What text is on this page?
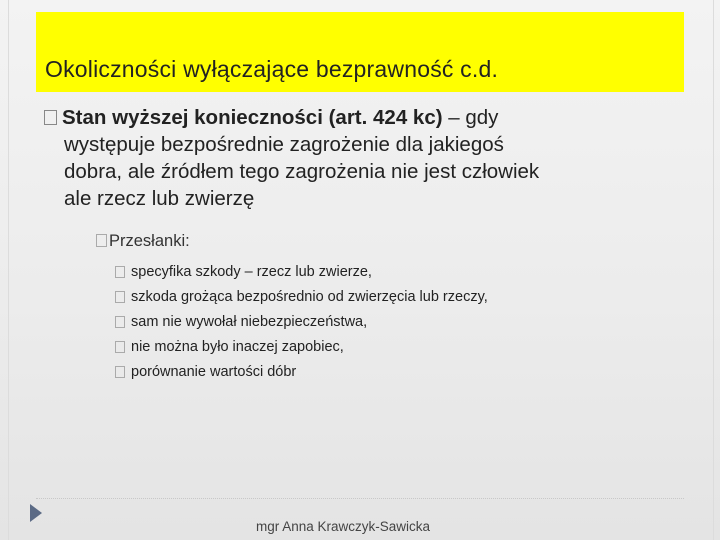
Okoliczności wyłączające bezprawność c.d.
Stan wyższej konieczności (art. 424 kc) – gdy
występuje bezpośrednie zagrożenie dla jakiegoś
dobra, ale źródłem tego zagrożenia nie jest człowiek
ale rzecz lub zwierzę
Przesłanki:
specyfika szkody – rzecz lub zwierze,
szkoda grożąca bezpośrednio od zwierzęcia lub rzeczy,
sam nie wywołał niebezpieczeństwa,
nie można było inaczej zapobiec,
porównanie wartości dóbr
mgr Anna Krawczyk-Sawicka
